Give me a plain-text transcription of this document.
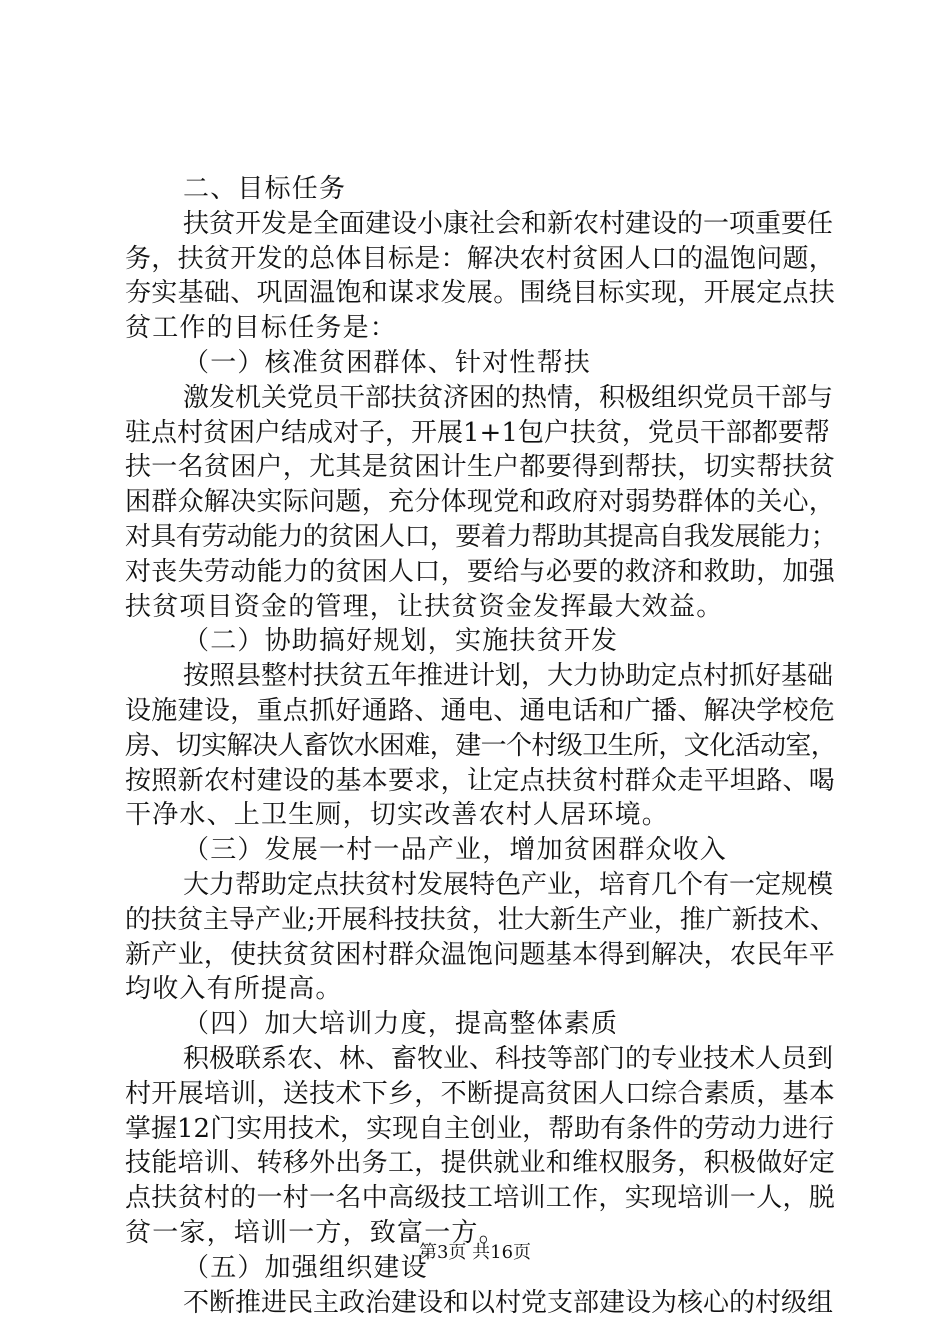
二、目标任务
扶贫开发是全面建设小康社会和新农村建设的一项重要任
务，扶贫开发的总体目标是：解决农村贫困人口的温饱问题，
夯实基础、巩固温饱和谋求发展。围绕目标实现，开展定点扶
贫工作的目标任务是：
（一）核准贫困群体、针对性帮扶
激发机关党员干部扶贫济困的热情，积极组织党员干部与
驻点村贫困户结成对子，开展1+1包户扶贫，党员干部都要帮
扶一名贫困户，尤其是贫困计生户都要得到帮扶，切实帮扶贫
困群众解决实际问题，充分体现党和政府对弱势群体的关心，
对具有劳动能力的贫困人口，要着力帮助其提高自我发展能力；
对丧失劳动能力的贫困人口，要给与必要的救济和救助，加强
扶贫项目资金的管理，让扶贫资金发挥最大效益。
（二）协助搞好规划，实施扶贫开发
按照县整村扶贫五年推进计划，大力协助定点村抓好基础
设施建设，重点抓好通路、通电、通电话和广播、解决学校危
房、切实解决人畜饮水困难，建一个村级卫生所，文化活动室，
按照新农村建设的基本要求，让定点扶贫村群众走平坦路、喝
干净水、上卫生厕，切实改善农村人居环境。
（三）发展一村一品产业，增加贫困群众收入
大力帮助定点扶贫村发展特色产业，培育几个有一定规模
的扶贫主导产业;开展科技扶贫，壮大新生产业，推广新技术、
新产业，使扶贫贫困村群众温饱问题基本得到解决，农民年平
均收入有所提高。
（四）加大培训力度，提高整体素质
积极联系农、林、畜牧业、科技等部门的专业技术人员到
村开展培训，送技术下乡，不断提高贫困人口综合素质，基本
掌握12门实用技术，实现自主创业，帮助有条件的劳动力进行
技能培训、转移外出务工，提供就业和维权服务，积极做好定
点扶贫村的一村一名中高级技工培训工作，实现培训一人，脱
贫一家，培训一方，致富一方。
（五）加强组织建设
不断推进民主政治建设和以村党支部建设为核心的村级组
第3页 共16页
